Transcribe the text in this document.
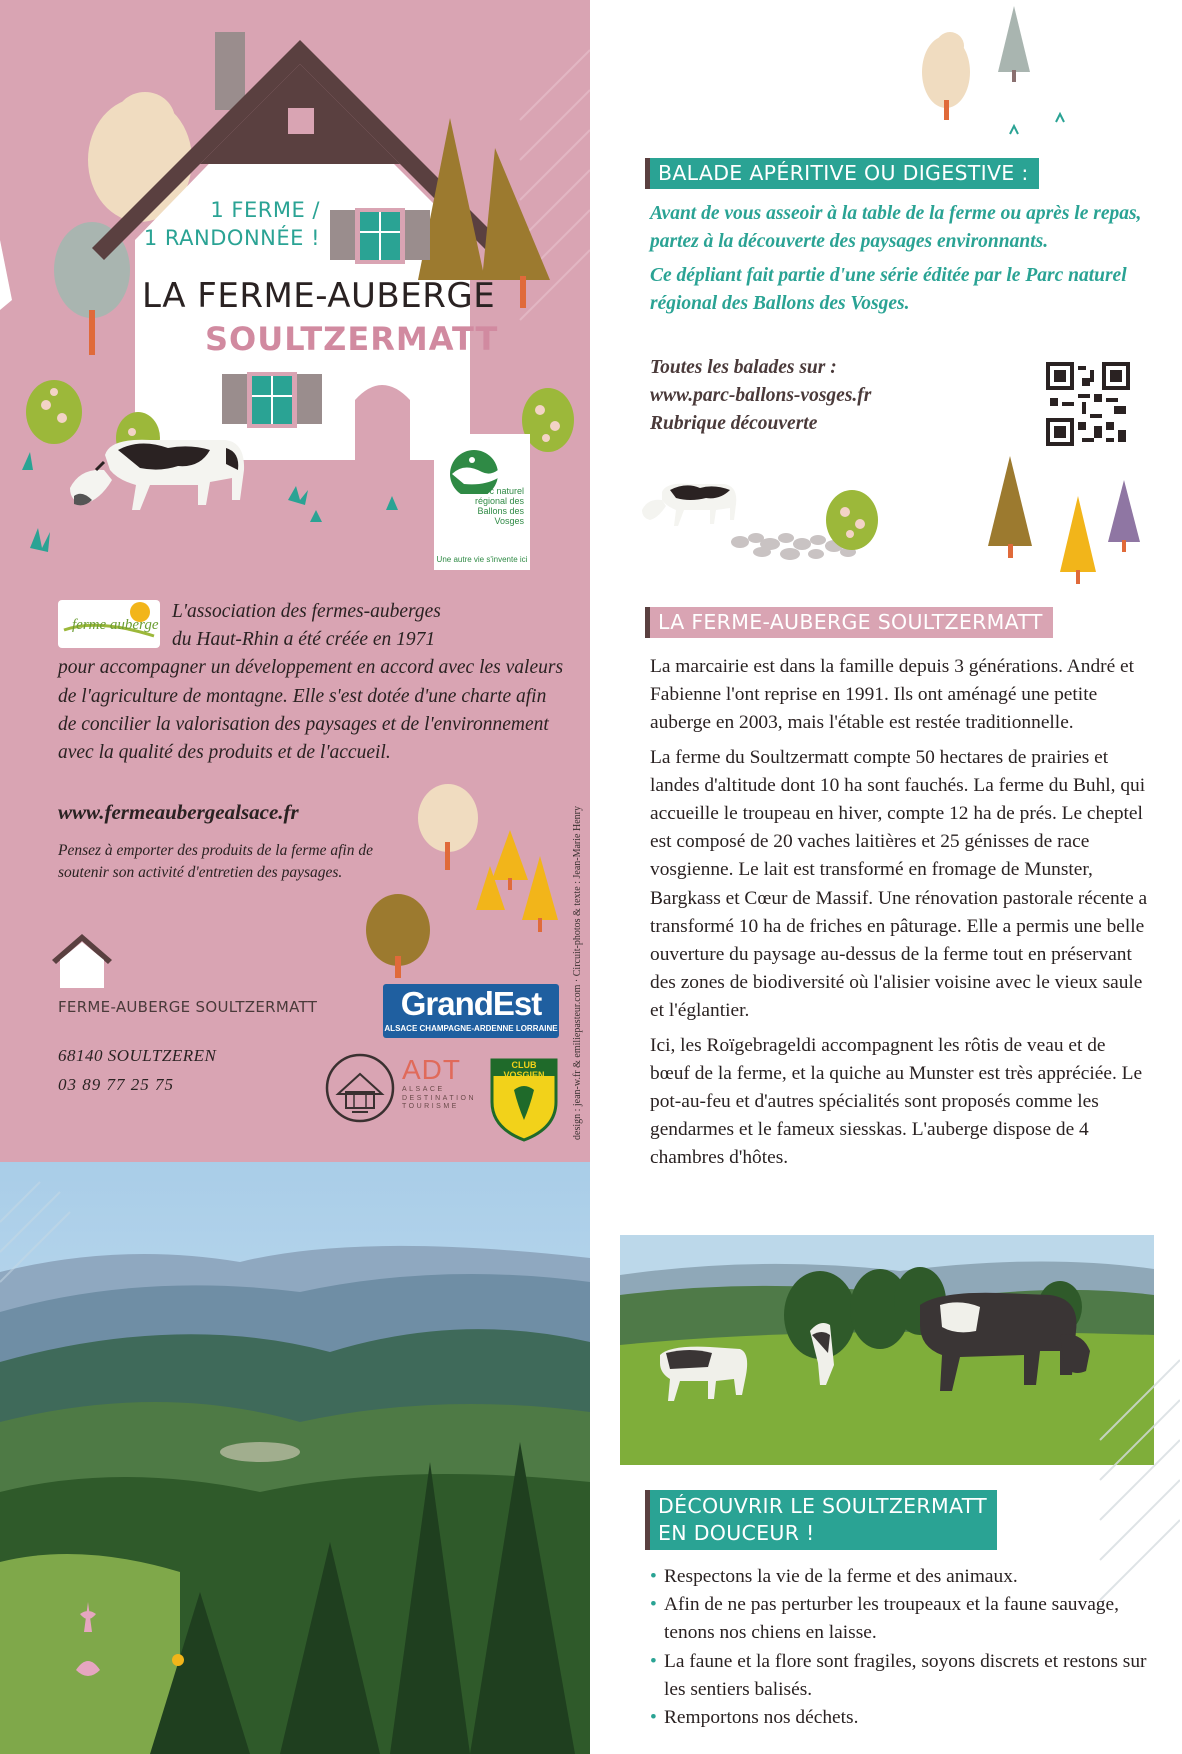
1 FERME /
1 RANDONNÉE !
LA FERME-AUBERGE
SOULTZERMATT
Parc naturel régional des Ballons des Vosges
Une autre vie s'invente ici
ferme auberge
L'association des fermes-auberges
du Haut-Rhin a été créée en 1971
pour accompagner un développement en accord avec les valeurs de l'agriculture de montagne. Elle s'est dotée d'une charte afin de concilier la valorisation des paysages et de l'environnement avec la qualité des produits et de l'accueil.
www.fermeaubergealsace.fr
Pensez à emporter des produits de la ferme afin de soutenir son activité d'entretien des paysages.
FERME-AUBERGE SOULTZERMATT
68140 SOULTZEREN
03 89 77 25 75
GrandEst
ALSACE CHAMPAGNE-ARDENNE LORRAINE
ADT
ALSACE
DESTINATION
TOURISME
CLUB VOSGIEN	design : jean-w.fr & emiliepasteur.com · Circuit-photos & texte : Jean-Marie Henry
BALADE APÉRITIVE OU DIGESTIVE :

Avant de vous asseoir à la table de la ferme ou après le repas, partez à la découverte des paysages environnants.

Ce dépliant fait partie d'une série éditée par le Parc naturel régional des Ballons des Vosges.

Toutes les balades sur :
www.parc-ballons-vosges.fr
Rubrique découverte
LA FERME-AUBERGE SOULTZERMATT

La marcairie est dans la famille depuis 3 générations. André et Fabienne l'ont reprise en 1991. Ils ont aménagé une petite auberge en 2003, mais l'étable est restée traditionnelle.

La ferme du Soultzermatt compte 50 hectares de prairies et landes d'altitude dont 10 ha sont fauchés. La ferme du Buhl, qui accueille le troupeau en hiver, compte 12 ha de prés. Le cheptel est composé de 20 vaches laitières et 25 génisses de race vosgienne. Le lait est transformé en fromage de Munster, Bargkass et Cœur de Massif. Une rénovation pastorale récente a transformé 10 ha de friches en pâturage. Elle a permis une belle ouverture du paysage au-dessus de la ferme tout en préservant des zones de biodiversité où l'alisier voisine avec le vieux saule et l'églantier.

Ici, les Roïgebrageldi accompagnent les rôtis de veau et de bœuf de la ferme, et la quiche au Munster est très appréciée. Le pot-au-feu et d'autres spécialités sont proposés comme les gendarmes et le fameux siesskas. L'auberge dispose de 4 chambres d'hôtes.

DÉCOUVRIR LE SOULTZERMATT
EN DOUCEUR !
• Respectons la vie de la ferme et des animaux.
• Afin de ne pas perturber les troupeaux et la faune sauvage, tenons nos chiens en laisse.
• La faune et la flore sont fragiles, soyons discrets et restons sur les sentiers balisés.
• Remportons nos déchets.
